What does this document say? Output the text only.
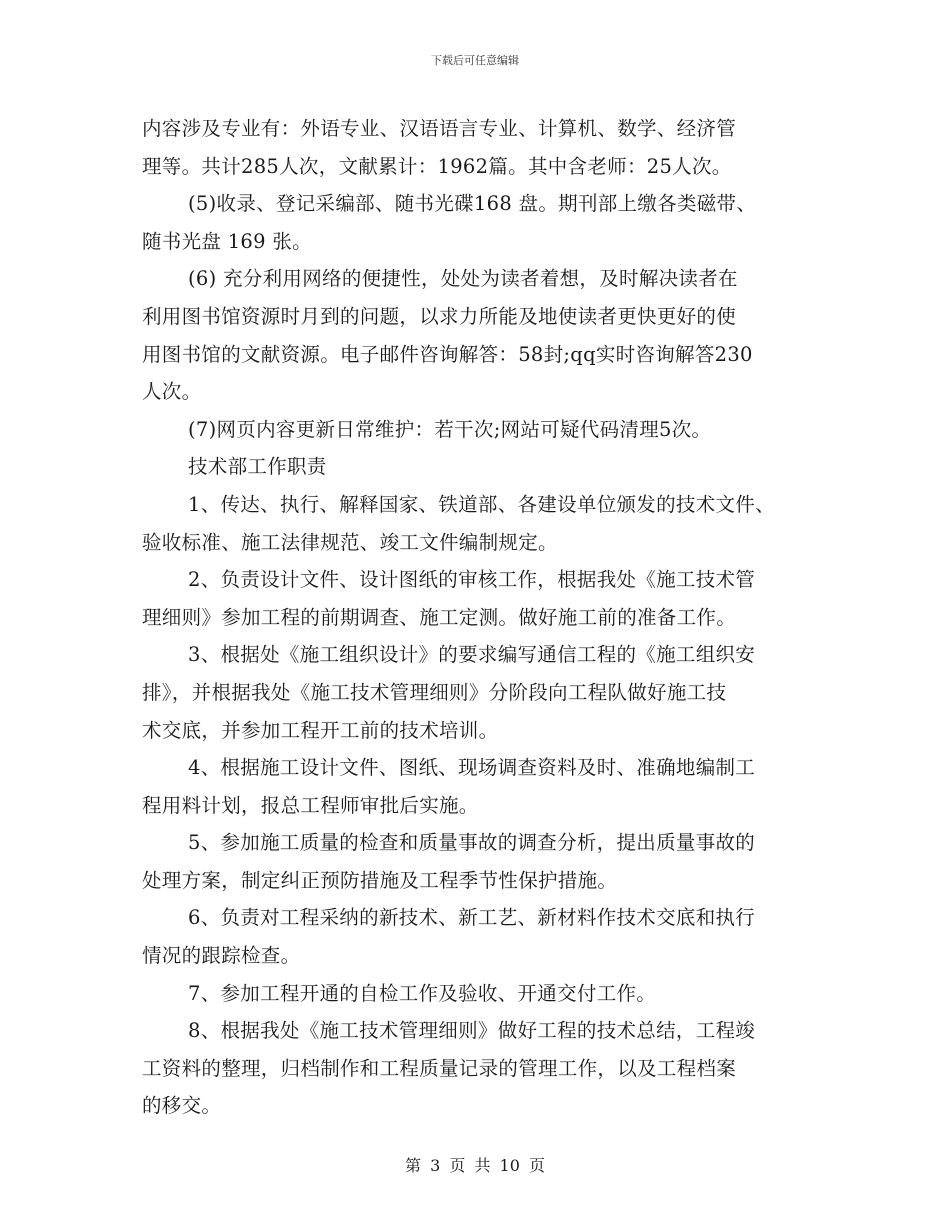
下载后可任意编辑
内容涉及专业有：外语专业、汉语语言专业、计算机、数学、经济管
理等。共计285人次，文献累计：1962篇。其中含老师：25人次。
(5)收录、登记采编部、随书光碟168 盘。期刊部上缴各类磁带、
随书光盘 169 张。
(6) 充分利用网络的便捷性，处处为读者着想，及时解决读者在
利用图书馆资源时月到的问题，以求力所能及地使读者更快更好的使
用图书馆的文献资源。电子邮件咨询解答：58封;qq实时咨询解答230
人次。
(7)网页内容更新日常维护：若干次;网站可疑代码清理5次。
技术部工作职责
1、传达、执行、解释国家、铁道部、各建设单位颁发的技术文件、
验收标准、施工法律规范、竣工文件编制规定。
2、负责设计文件、设计图纸的审核工作，根据我处《施工技术管
理细则》参加工程的前期调查、施工定测。做好施工前的准备工作。
3、根据处《施工组织设计》的要求编写通信工程的《施工组织安
排》，并根据我处《施工技术管理细则》分阶段向工程队做好施工技
术交底，并参加工程开工前的技术培训。
4、根据施工设计文件、图纸、现场调查资料及时、准确地编制工
程用料计划，报总工程师审批后实施。
5、参加施工质量的检查和质量事故的调查分析，提出质量事故的
处理方案，制定纠正预防措施及工程季节性保护措施。
6、负责对工程采纳的新技术、新工艺、新材料作技术交底和执行
情况的跟踪检查。
7、参加工程开通的自检工作及验收、开通交付工作。
8、根据我处《施工技术管理细则》做好工程的技术总结，工程竣
工资料的整理，归档制作和工程质量记录的管理工作，以及工程档案
的移交。
第 3 页 共 10 页
